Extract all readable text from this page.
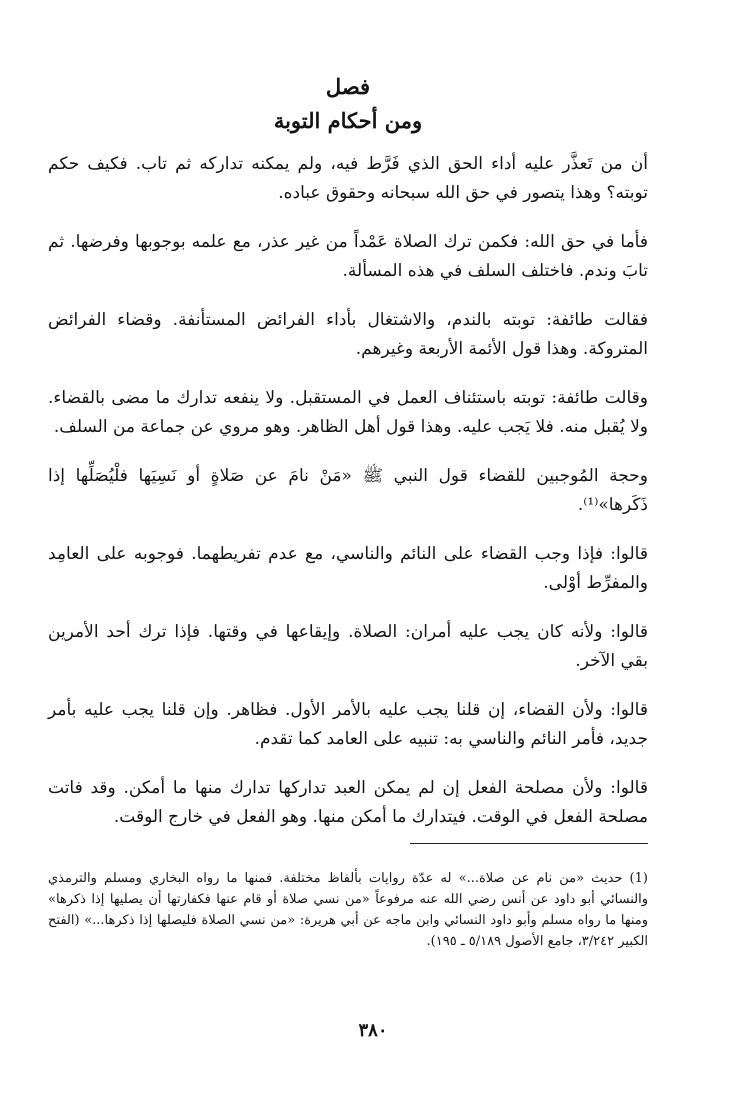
فصل
ومن أحكام التوبة

أن من تَعذَّر عليه أداء الحق الذي فَرَّط فيه، ولم يمكنه تداركه ثم تاب. فكيف حكم توبته؟ وهذا يتصور في حق الله سبحانه وحقوق عباده.

فأما في حق الله: فكمن ترك الصلاة عَمْداً من غير عذر، مع علمه بوجوبها وفرضها. ثم تابَ وندم. فاختلف السلف في هذه المسألة.

فقالت طائفة: توبته بالندم، والاشتغال بأداء الفرائض المستأنفة. وقضاء الفرائض المتروكة. وهذا قول الأئمة الأربعة وغيرهم.

وقالت طائفة: توبته باستئناف العمل في المستقبل. ولا ينفعه تدارك ما مضى بالقضاء. ولا يُقبل منه. فلا يَجب عليه. وهذا قول أهل الظاهر. وهو مروي عن جماعة من السلف.

وحجة المُوجبين للقضاء قول النبي ﷺ «مَنْ نامَ عن صَلاةٍ أو نَسِيَها فلْيُصَلِّها إذا ذَكَرها»⁽¹⁾.

قالوا: فإذا وجب القضاء على النائم والناسي، مع عدم تفريطهما. فوجوبه على العامِد والمفرِّط أوْلى.

قالوا: ولأنه كان يجب عليه أمران: الصلاة. وإيقاعها في وقتها. فإذا ترك أحد الأمرين بقي الآخر.

قالوا: ولأن القضاء، إن قلنا يجب عليه بالأمر الأول. فظاهر. وإن قلنا يجب عليه بأمر جديد، فأمر النائم والناسي به: تنبيه على العامد كما تقدم.

قالوا: ولأن مصلحة الفعل إن لم يمكن العبد تداركها تدارك منها ما أمكن. وقد فاتت مصلحة الفعل في الوقت. فيتدارك ما أمكن منها. وهو الفعل في خارج الوقت.

(1) حديث «من نام عن صلاة...» له عدّة روايات بألفاظ مختلفة. فمنها ما رواه البخاري ومسلم والترمذي والنسائي أبو داود عن أنس رضي الله عنه مرفوعاً «من نسي صلاة أو قام عنها فكفارتها أن يصليها إذا ذكرها» ومنها ما رواه مسلم وأبو داود النسائي وابن ماجه عن أبي هريرة: «من نسي الصلاة فليصلها إذا ذكرها...» (الفتح الكبير ٣/٢٤٢، جامع الأصول ٥/١٨٩ ـ ١٩٥).

٣٨٠
